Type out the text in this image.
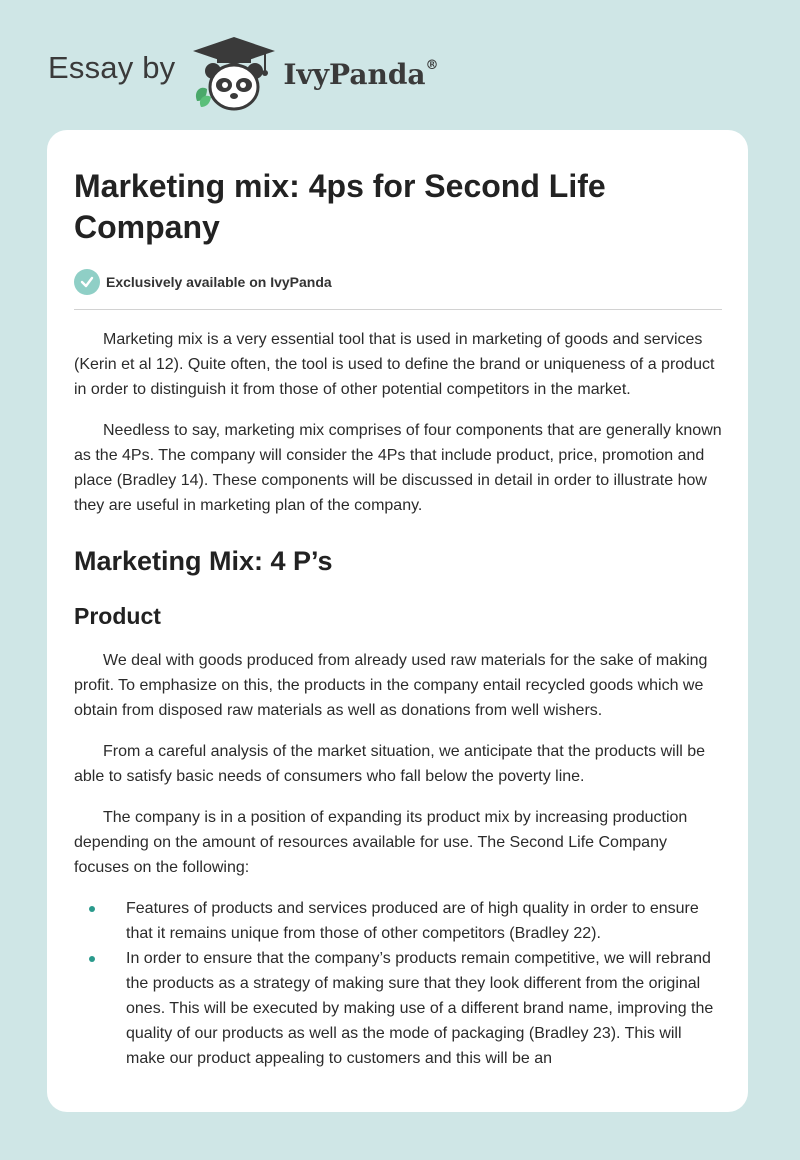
Essay by	IvyPanda®
Marketing mix: 4ps for Second Life Company
Exclusively available on IvyPanda

Marketing mix is a very essential tool that is used in marketing of goods and services (Kerin et al 12). Quite often, the tool is used to define the brand or uniqueness of a product in order to distinguish it from those of other potential competitors in the market.

Needless to say, marketing mix comprises of four components that are generally known as the 4Ps. The company will consider the 4Ps that include product, price, promotion and place (Bradley 14). These components will be discussed in detail in order to illustrate how they are useful in marketing plan of the company.

Marketing Mix: 4 P’s
Product

We deal with goods produced from already used raw materials for the sake of making profit. To emphasize on this, the products in the company entail recycled goods which we obtain from disposed raw materials as well as donations from well wishers.

From a careful analysis of the market situation, we anticipate that the products will be able to satisfy basic needs of consumers who fall below the poverty line.

The company is in a position of expanding its product mix by increasing production depending on the amount of resources available for use. The Second Life Company focuses on the following:

Features of products and services produced are of high quality in order to ensure that it remains unique from those of other competitors (Bradley 22).
In order to ensure that the company’s products remain competitive, we will rebrand the products as a strategy of making sure that they look different from the original ones. This will be executed by making use of a different brand name, improving the quality of our products as well as the mode of packaging (Bradley 23). This will make our product appealing to customers and this will be an
